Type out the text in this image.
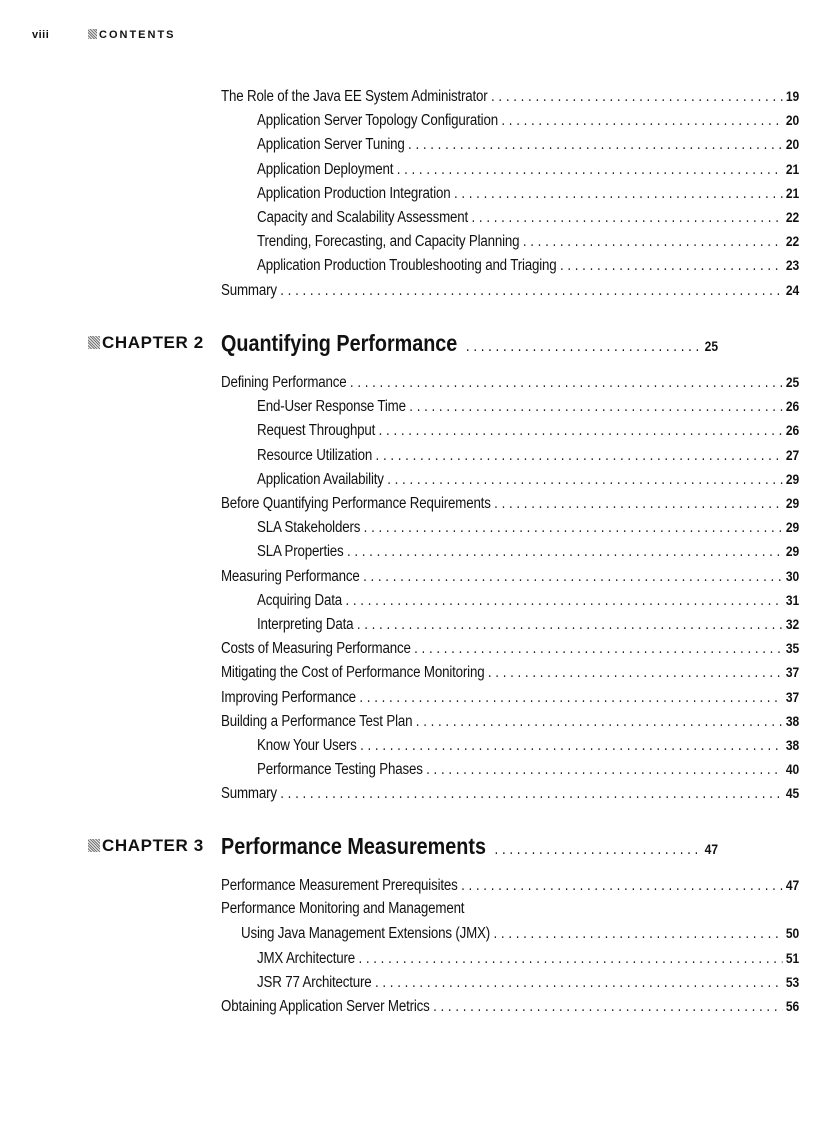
viii	CONTENTS
The Role of the Java EE System Administrator . . .	19
Application Server Topology Configuration . . .	20
Application Server Tuning . . .	20
Application Deployment . . .	21
Application Production Integration . . .	21
Capacity and Scalability Assessment . . .	22
Trending, Forecasting, and Capacity Planning . . .	22
Application Production Troubleshooting and Triaging . . .	23
Summary . . .	24
CHAPTER 2 Quantifying Performance . . .	25
Defining Performance . . .	25
End-User Response Time . . .	26
Request Throughput . . .	26
Resource Utilization . . .	27
Application Availability . . .	29
Before Quantifying Performance Requirements . . .	29
SLA Stakeholders . . .	29
SLA Properties . . .	29
Measuring Performance . . .	30
Acquiring Data . . .	31
Interpreting Data . . .	32
Costs of Measuring Performance . . .	35
Mitigating the Cost of Performance Monitoring . . .	37
Improving Performance . . .	37
Building a Performance Test Plan . . .	38
Know Your Users . . .	38
Performance Testing Phases . . .	40
Summary . . .	45
CHAPTER 3 Performance Measurements . . .	47
Performance Measurement Prerequisites . . .	47
Performance Monitoring and Management
Using Java Management Extensions (JMX) . . .	50
JMX Architecture . . .	51
JSR 77 Architecture . . .	53
Obtaining Application Server Metrics . . .	56
